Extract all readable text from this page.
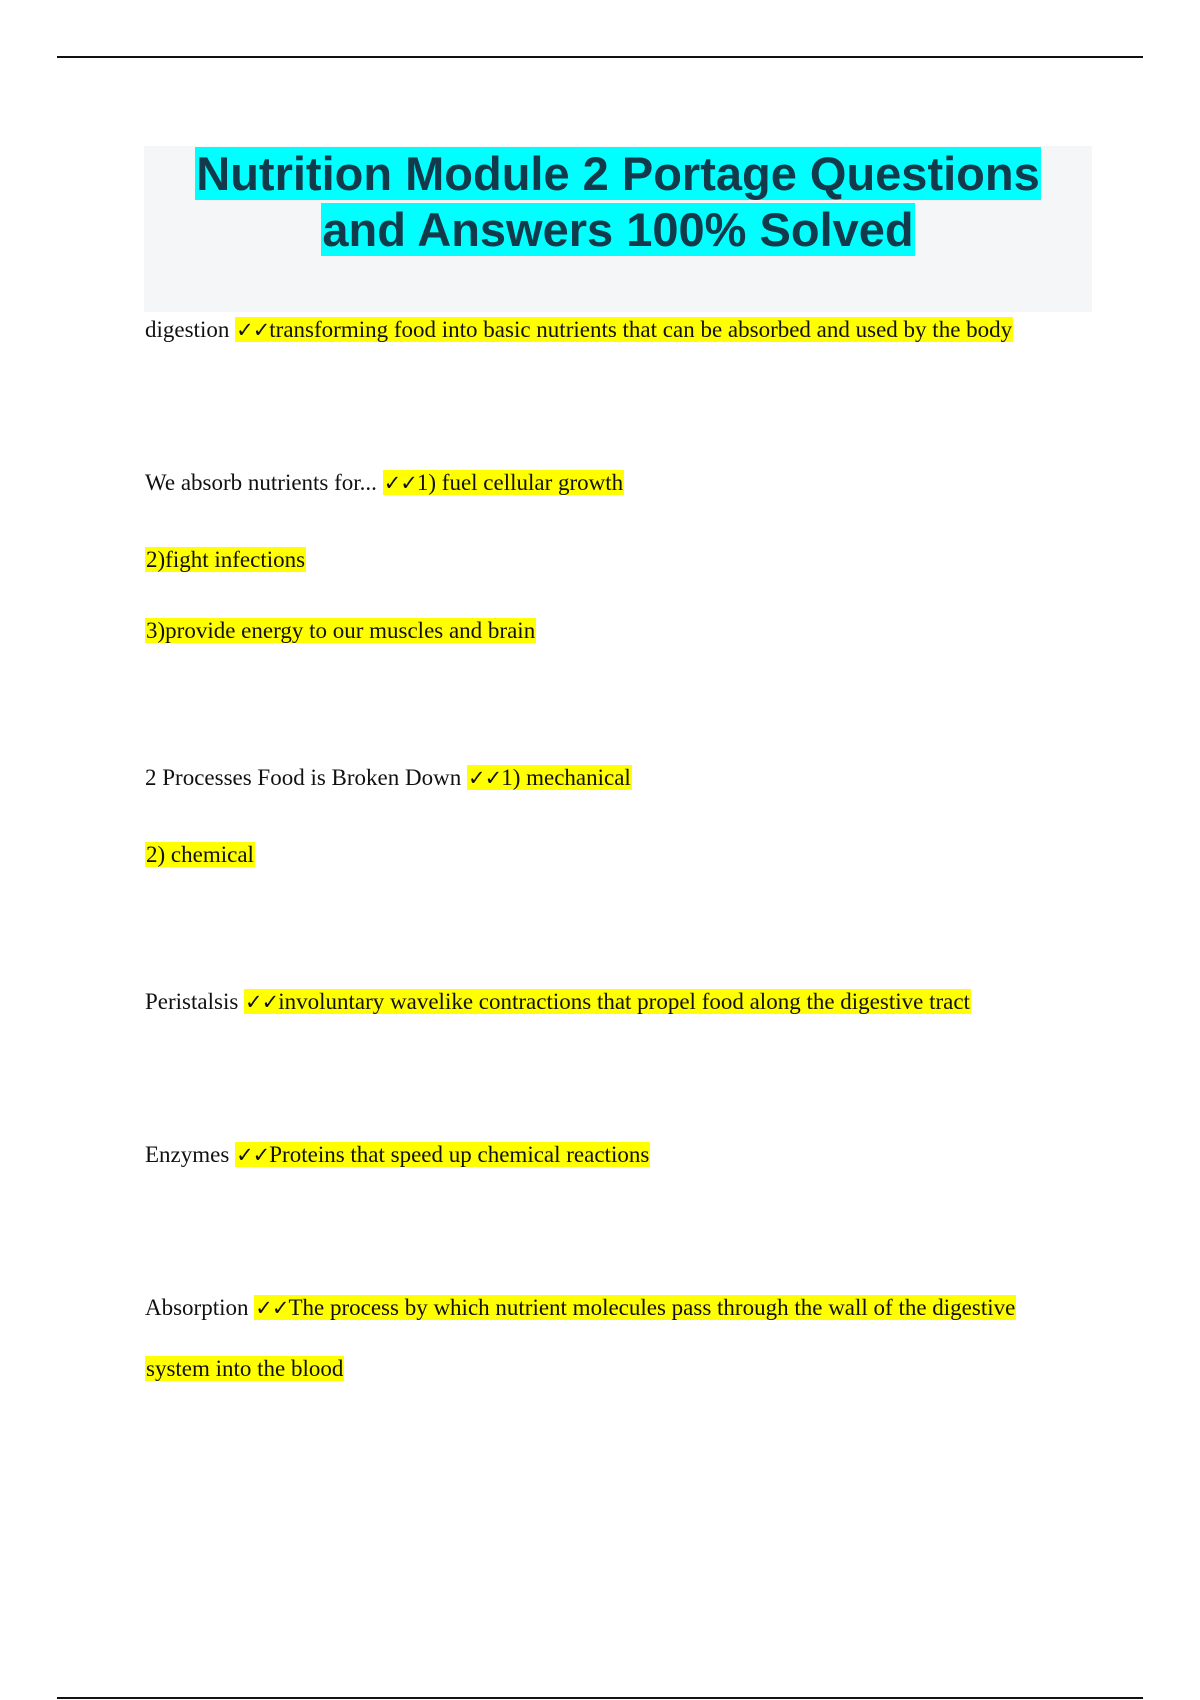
Nutrition Module 2 Portage Questions
and Answers 100% Solved
digestion ✓✓transforming food into basic nutrients that can be absorbed and used by the body
We absorb nutrients for... ✓✓1) fuel cellular growth
2)fight infections
3)provide energy to our muscles and brain
2 Processes Food is Broken Down ✓✓1) mechanical
2) chemical
Peristalsis ✓✓involuntary wavelike contractions that propel food along the digestive tract
Enzymes ✓✓Proteins that speed up chemical reactions
Absorption ✓✓The process by which nutrient molecules pass through the wall of the digestive
system into the blood
